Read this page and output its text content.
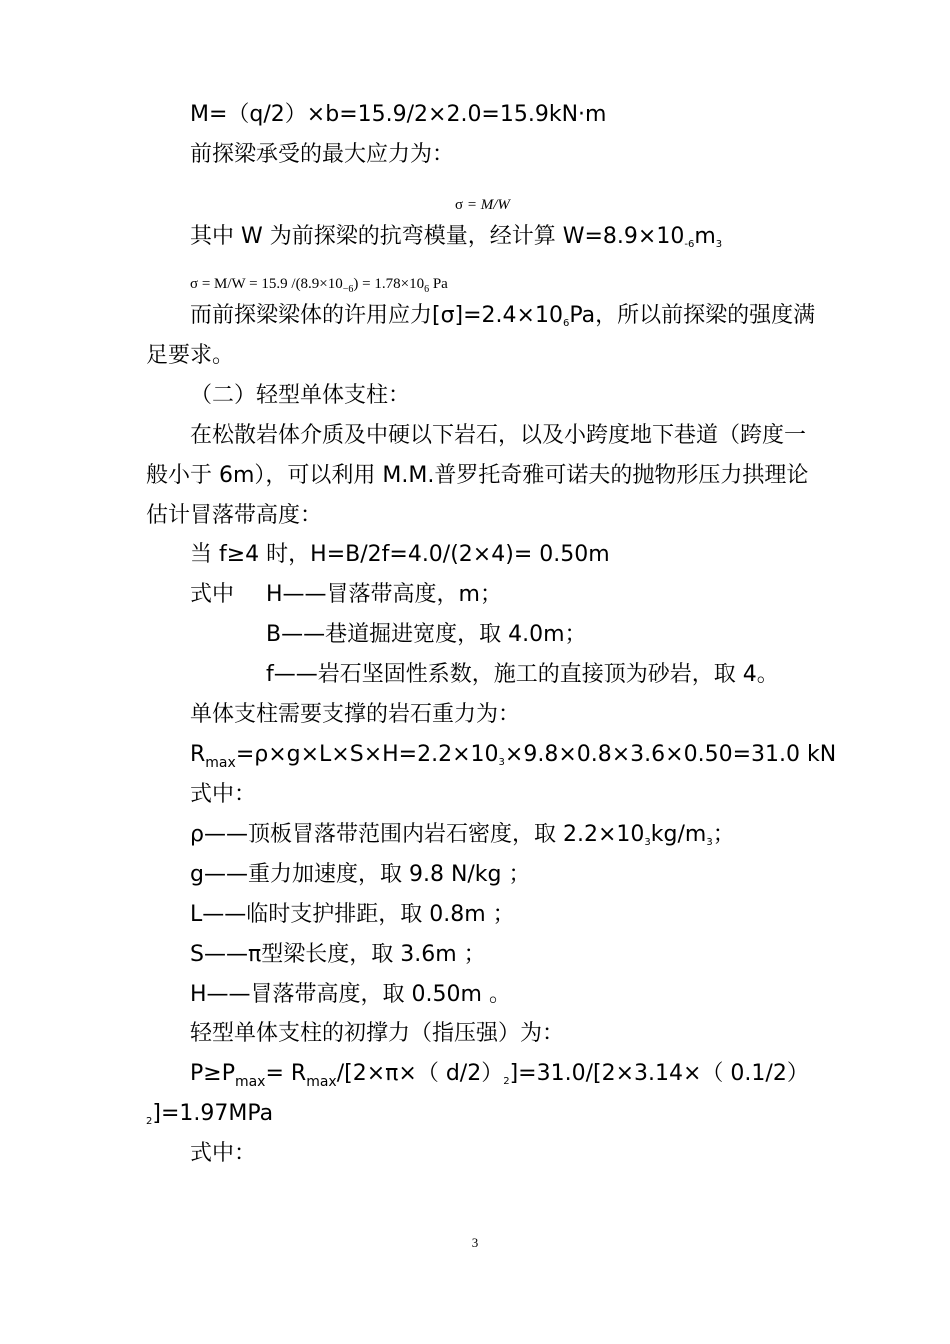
M=（q/2）×b=15.9/2×2.0=15.9kN·m
前探梁承受的最大应力为：
σ = M/W
其中 W 为前探梁的抗弯模量，经计算 W=8.9×10-6m3
σ = M/W = 15.9 $/(8.9\times 10_{-6}) = 1.78\times 10_6$ Pa
而前探梁梁体的许用应力[σ]=2.4×106Pa，所以前探梁的强度满
足要求。
（二）轻型单体支柱：
在松散岩体介质及中硬以下岩石，以及小跨度地下巷道（跨度一
般小于 6m），可以利用 M.M.普罗托奇雅可诺夫的抛物形压力拱理论
估计冒落带高度：
当 f≥4 时，H=B/2f=4.0/(2×4)= 0.50m
式中 H——冒落带高度，m；
B——巷道掘进宽度，取 4.0m；
f——岩石坚固性系数，施工的直接顶为砂岩，取 4。
单体支柱需要支撑的岩石重力为：
$R_{max}=\rho\times g\times L\times S\times H=2.2\times 103\times 9.8\times 0.8\times 3.6\times 0.50=31.0$ kN
式中：
ρ——顶板冒落带范围内岩石密度，取 2.2×103kg/m3；
g——重力加速度，取 9.8 N/kg ；
L——临时支护排距，取 0.8m ；
S——π型梁长度，取 3.6m ；
H——冒落带高度，取 0.50m 。
轻型单体支柱的初撑力（指压强）为：
$P\ge P_{max}= R_{max}/[2\times\pi\times$（ d/2）2]=31.0/[2×3.14×（ 0.1/2）
2]=1.97MPa
式中：
3
